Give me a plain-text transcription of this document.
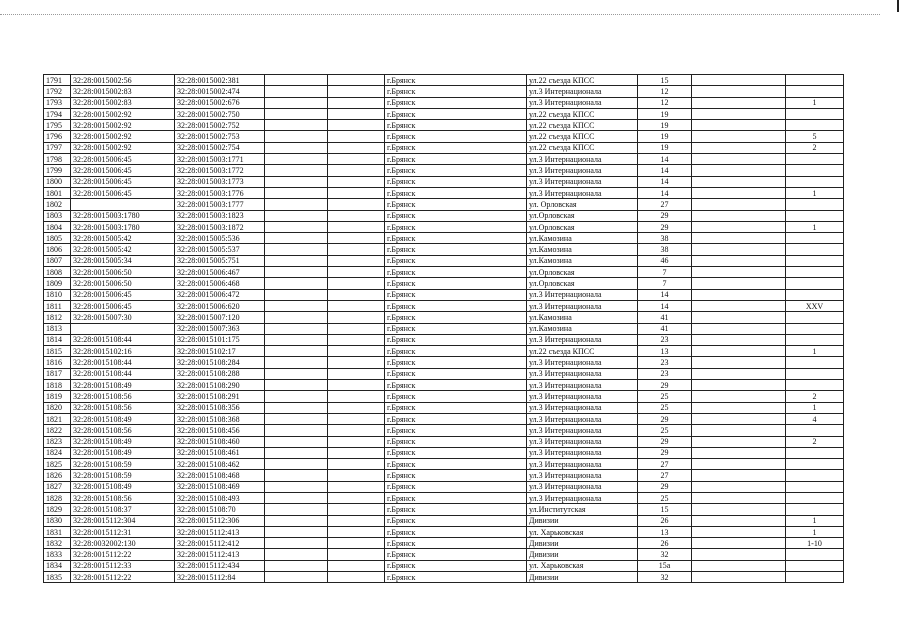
1791	32:28:0015002:56	32:28:0015002:381			г.Брянск	ул.22 съезда КПСС	15		
1792	32:28:0015002:83	32:28:0015002:474			г.Брянск	ул.3 Интернационала	12		
1793	32:28:0015002:83	32:28:0015002:676			г.Брянск	ул.3 Интернационала	12		1
1794	32:28:0015002:92	32:28:0015002:750			г.Брянск	ул.22 съезда КПСС	19		
1795	32:28:0015002:92	32:28:0015002:752			г.Брянск	ул.22 съезда КПСС	19		
1796	32:28:0015002:92	32:28:0015002:753			г.Брянск	ул.22 съезда КПСС	19		5
1797	32:28:0015002:92	32:28:0015002:754			г.Брянск	ул.22 съезда КПСС	19		2
1798	32:28:0015006:45	32:28:0015003:1771			г.Брянск	ул.3 Интернационала	14		
1799	32:28:0015006:45	32:28:0015003:1772			г.Брянск	ул.3 Интернационала	14		
1800	32:28:0015006:45	32:28:0015003:1773			г.Брянск	ул.3 Интернационала	14		
1801	32:28:0015006:45	32:28:0015003:1776			г.Брянск	ул.3 Интернационала	14		1
1802		32:28:0015003:1777			г.Брянск	ул. Орловская	27		
1803	32:28:0015003:1780	32:28:0015003:1823			г.Брянск	ул.Орловская	29		
1804	32:28:0015003:1780	32:28:0015003:1872			г.Брянск	ул.Орловская	29		1
1805	32:28:0015005:42	32:28:0015005:536			г.Брянск	ул.Камозина	38		
1806	32:28:0015005:42	32:28:0015005:537			г.Брянск	ул.Камозина	38		
1807	32:28:0015005:34	32:28:0015005:751			г.Брянск	ул.Камозина	46		
1808	32:28:0015006:50	32:28:0015006:467			г.Брянск	ул.Орловская	7		
1809	32:28:0015006:50	32:28:0015006:468			г.Брянск	ул.Орловская	7		
1810	32:28:0015006:45	32:28:0015006:472			г.Брянск	ул.3 Интернационала	14		
1811	32:28:0015006:45	32:28:0015006:620			г.Брянск	ул.3 Интернационала	14		XXV
1812	32:28:0015007:30	32:28:0015007:120			г.Брянск	ул.Камозина	41		
1813		32:28:0015007:363			г.Брянск	ул.Камозина	41		
1814	32:28:0015108:44	32:28:0015101:175			г.Брянск	ул.3 Интернационала	23		
1815	32:28:0015102:16	32:28:0015102:17			г.Брянск	ул.22 съезда КПСС	13		1
1816	32:28:0015108:44	32:28:0015108:284			г.Брянск	ул.3 Интернационала	23		
1817	32:28:0015108:44	32:28:0015108:288			г.Брянск	ул.3 Интернационала	23		
1818	32:28:0015108:49	32:28:0015108:290			г.Брянск	ул.3 Интернационала	29		
1819	32:28:0015108:56	32:28:0015108:291			г.Брянск	ул.3 Интернационала	25		2
1820	32:28:0015108:56	32:28:0015108:356			г.Брянск	ул.3 Интернационала	25		1
1821	32:28:0015108:49	32:28:0015108:368			г.Брянск	ул.3 Интернационала	29		4
1822	32:28:0015108:56	32:28:0015108:456			г.Брянск	ул.3 Интернационала	25		
1823	32:28:0015108:49	32:28:0015108:460			г.Брянск	ул.3 Интернационала	29		2
1824	32:28:0015108:49	32:28:0015108:461			г.Брянск	ул.3 Интернационала	29		
1825	32:28:0015108:59	32:28:0015108:462			г.Брянск	ул.3 Интернационала	27		
1826	32:28:0015108:59	32:28:0015108:468			г.Брянск	ул.3 Интернационала	27		
1827	32:28:0015108:49	32:28:0015108:469			г.Брянск	ул.3 Интернационала	29		
1828	32:28:0015108:56	32:28:0015108:493			г.Брянск	ул.3 Интернационала	25		
1829	32:28:0015108:37	32:28:0015108:70			г.Брянск	ул.Институтская	15		
1830	32:28:0015112:304	32:28:0015112:306			г.Брянск	Дивизии	26		1
1831	32:28:0015112:31	32:28:0015112:413			г.Брянск	ул. Харьковская	13		1
1832	32:28:0032002:130	32:28:0015112:412			г.Брянск	Дивизии	26		1-10
1833	32:28:0015112:22	32:28:0015112:413			г.Брянск	Дивизии	32		
1834	32:28:0015112:33	32:28:0015112:434			г.Брянск	ул. Харьковская	15а		
1835	32:28:0015112:22	32:28:0015112:84			г.Брянск	Дивизии	32		
